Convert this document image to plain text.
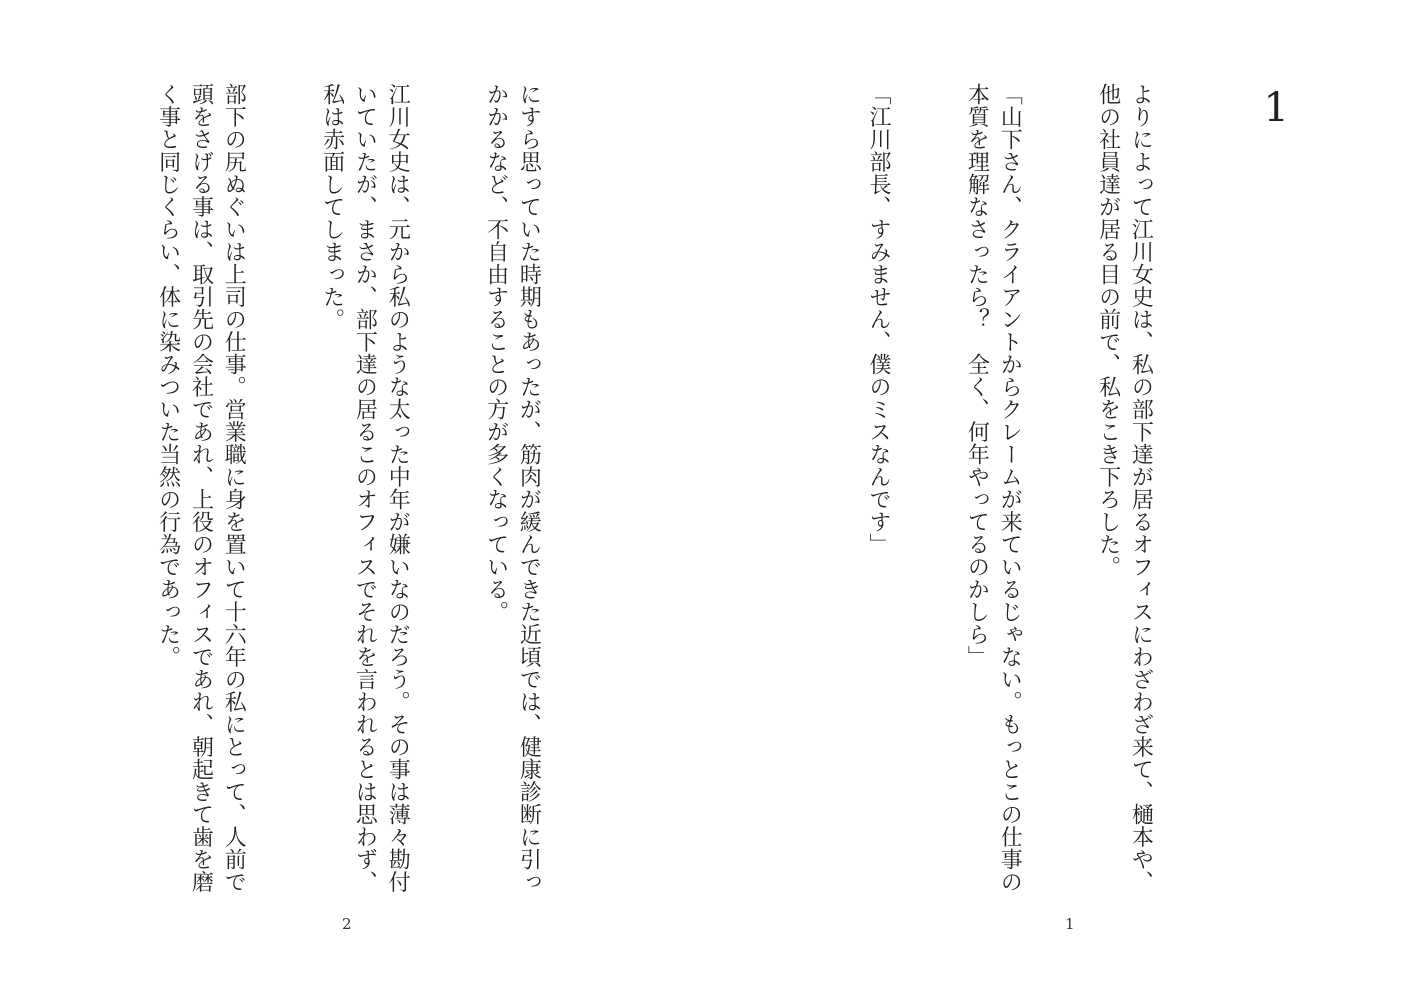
にすら思っていた時期もあったが、筋肉が緩んできた近頃では、健康診断に引っかかるなど、不自由することの方が多くなっている。

江川女史は、元から私のような太った中年が嫌いなのだろう。その事は薄々勘付いていたが、まさか、部下達の居るこのオフィスでそれを言われるとは思わず、私は赤面してしまった。

部下の尻ぬぐいは上司の仕事。営業職に身を置いて十六年の私にとって、人前で頭をさげる事は、取引先の会社であれ、上役のオフィスであれ、朝起きて歯を磨く事と同じくらい、体に染みついた当然の行為であった。

2
1

よりによって江川女史は、私の部下達が居るオフィスにわざわざ来て、樋本や、他の社員達が居る目の前で、私をこき下ろした。

「山下さん、クライアントからクレームが来ているじゃない。もっとこの仕事の本質を理解なさったら？　全く、何年やってるのかしら」

「江川部長、すみません、僕のミスなんです」

1
